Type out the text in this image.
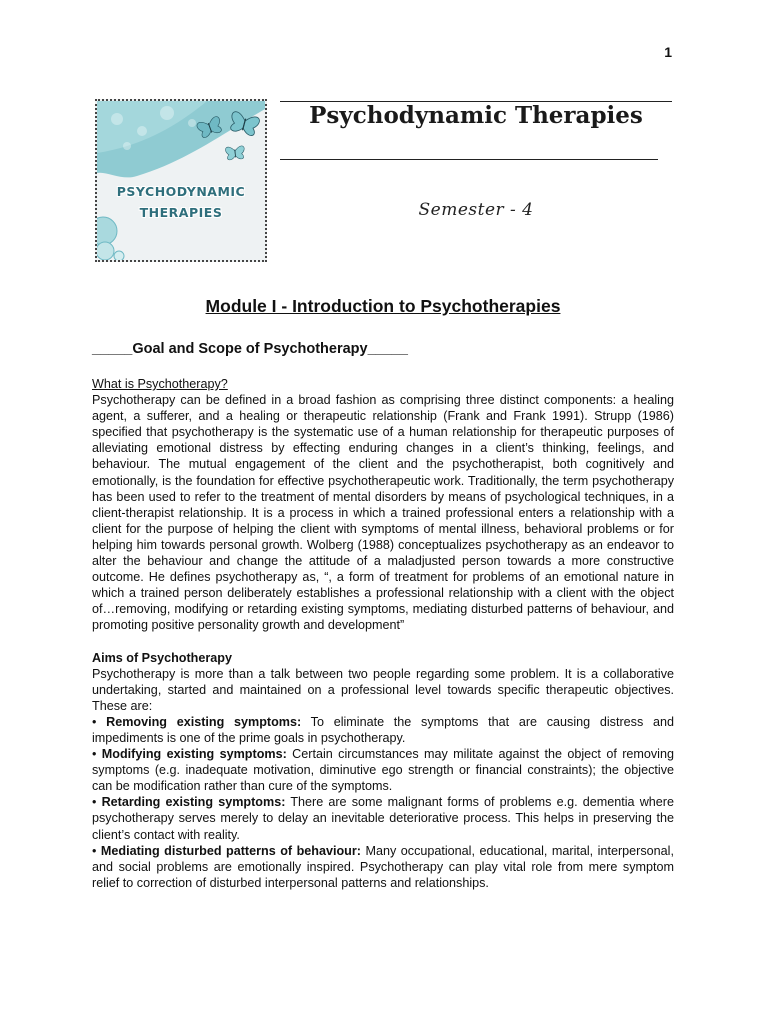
1
PSYCHODYNAMIC
THERAPIES
Psychodynamic Therapies
Semester - 4
Module I - Introduction to Psychotherapies
_____Goal and Scope of Psychotherapy_____

What is Psychotherapy?

Psychotherapy can be defined in a broad fashion as comprising three distinct components: a healing agent, a sufferer, and a healing or therapeutic relationship (Frank and Frank 1991). Strupp (1986) specified that psychotherapy is the systematic use of a human relationship for therapeutic purposes of alleviating emotional distress by effecting enduring changes in a client’s thinking, feelings, and behaviour. The mutual engagement of the client and the psychotherapist, both cognitively and emotionally, is the foundation for effective psychotherapeutic work. Traditionally, the term psychotherapy has been used to refer to the treatment of mental disorders by means of psychological techniques, in a client-therapist relationship. It is a process in which a trained professional enters a relationship with a client for the purpose of helping the client with symptoms of mental illness, behavioral problems or for helping him towards personal growth. Wolberg (1988) conceptualizes psychotherapy as an endeavor to alter the behaviour and change the attitude of a maladjusted person towards a more constructive outcome. He defines psychotherapy as, “, a form of treatment for problems of an emotional nature in which a trained person deliberately establishes a professional relationship with a client with the object of…removing, modifying or retarding existing symptoms, mediating disturbed patterns of behaviour, and promoting positive personality growth and development”

Aims of Psychotherapy

Psychotherapy is more than a talk between two people regarding some problem. It is a collaborative undertaking, started and maintained on a professional level towards specific therapeutic objectives. These are:

• Removing existing symptoms: To eliminate the symptoms that are causing distress and impediments is one of the prime goals in psychotherapy.

• Modifying existing symptoms: Certain circumstances may militate against the object of removing symptoms (e.g. inadequate motivation, diminutive ego strength or financial constraints); the objective can be modification rather than cure of the symptoms.

• Retarding existing symptoms: There are some malignant forms of problems e.g. dementia where psychotherapy serves merely to delay an inevitable deteriorative process. This helps in preserving the client’s contact with reality.

• Mediating disturbed patterns of behaviour: Many occupational, educational, marital, interpersonal, and social problems are emotionally inspired. Psychotherapy can play vital role from mere symptom relief to correction of disturbed interpersonal patterns and relationships.
